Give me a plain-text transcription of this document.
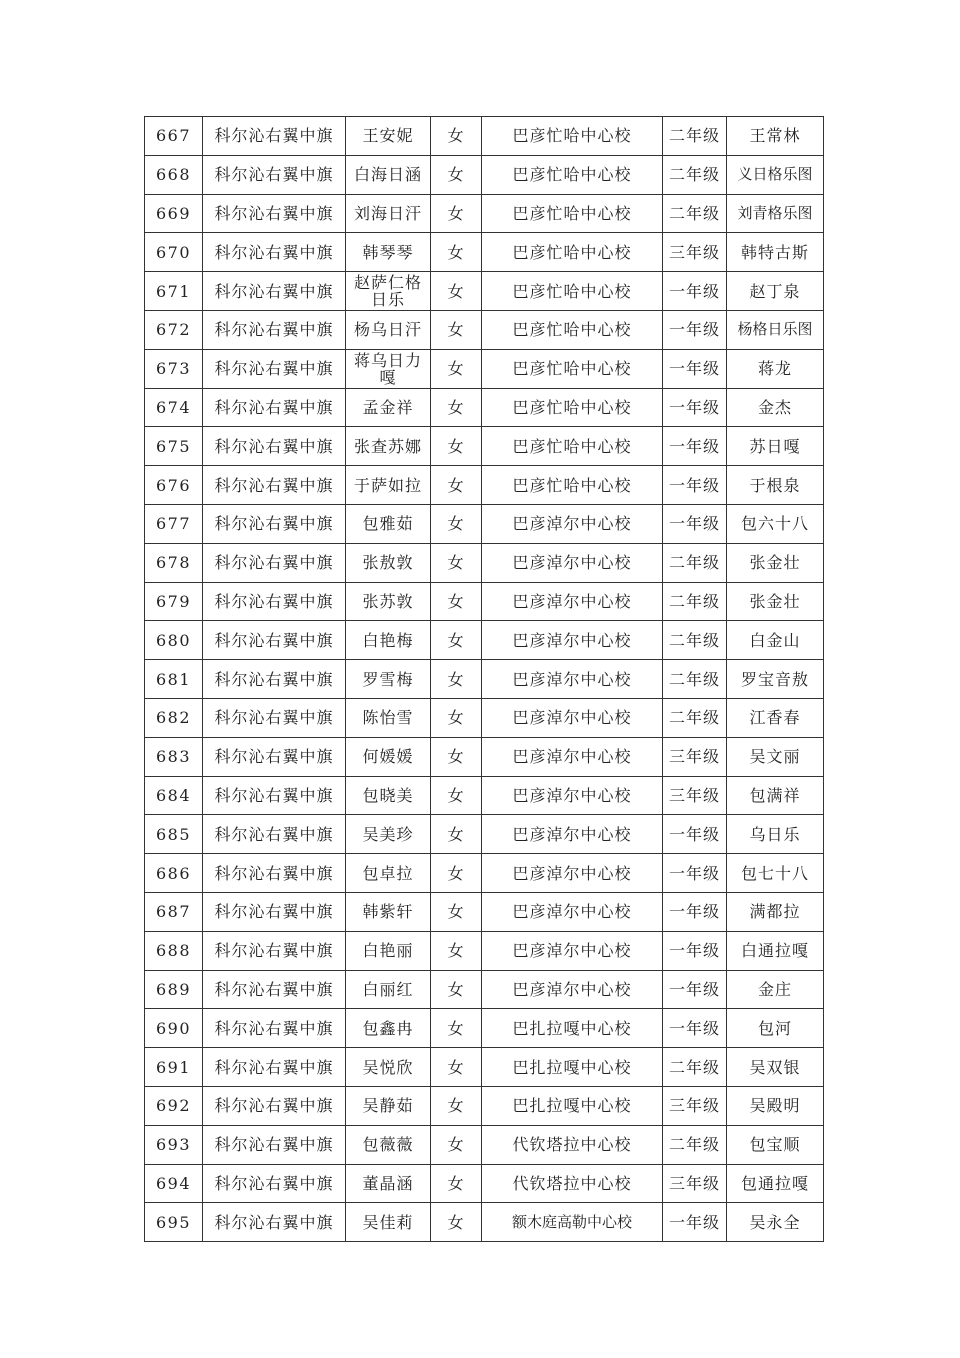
667	科尔沁右翼中旗	王安妮	女	巴彦忙哈中心校	二年级	王常林
668	科尔沁右翼中旗	白海日涵	女	巴彦忙哈中心校	二年级	义日格乐图
669	科尔沁右翼中旗	刘海日汗	女	巴彦忙哈中心校	二年级	刘青格乐图
670	科尔沁右翼中旗	韩琴琴	女	巴彦忙哈中心校	三年级	韩特古斯
671	科尔沁右翼中旗	赵萨仁格日乐	女	巴彦忙哈中心校	一年级	赵丁泉
672	科尔沁右翼中旗	杨乌日汗	女	巴彦忙哈中心校	一年级	杨格日乐图
673	科尔沁右翼中旗	蒋乌日力嘎	女	巴彦忙哈中心校	一年级	蒋龙
674	科尔沁右翼中旗	孟金祥	女	巴彦忙哈中心校	一年级	金杰
675	科尔沁右翼中旗	张查苏娜	女	巴彦忙哈中心校	一年级	苏日嘎
676	科尔沁右翼中旗	于萨如拉	女	巴彦忙哈中心校	一年级	于根泉
677	科尔沁右翼中旗	包雅茹	女	巴彦淖尔中心校	一年级	包六十八
678	科尔沁右翼中旗	张敖敦	女	巴彦淖尔中心校	二年级	张金壮
679	科尔沁右翼中旗	张苏敦	女	巴彦淖尔中心校	二年级	张金壮
680	科尔沁右翼中旗	白艳梅	女	巴彦淖尔中心校	二年级	白金山
681	科尔沁右翼中旗	罗雪梅	女	巴彦淖尔中心校	二年级	罗宝音敖
682	科尔沁右翼中旗	陈怡雪	女	巴彦淖尔中心校	二年级	江香春
683	科尔沁右翼中旗	何媛媛	女	巴彦淖尔中心校	三年级	吴文丽
684	科尔沁右翼中旗	包晓美	女	巴彦淖尔中心校	三年级	包满祥
685	科尔沁右翼中旗	吴美珍	女	巴彦淖尔中心校	一年级	乌日乐
686	科尔沁右翼中旗	包卓拉	女	巴彦淖尔中心校	一年级	包七十八
687	科尔沁右翼中旗	韩紫轩	女	巴彦淖尔中心校	一年级	满都拉
688	科尔沁右翼中旗	白艳丽	女	巴彦淖尔中心校	一年级	白通拉嘎
689	科尔沁右翼中旗	白丽红	女	巴彦淖尔中心校	一年级	金庄
690	科尔沁右翼中旗	包鑫冉	女	巴扎拉嘎中心校	一年级	包河
691	科尔沁右翼中旗	吴悦欣	女	巴扎拉嘎中心校	二年级	吴双银
692	科尔沁右翼中旗	吴静茹	女	巴扎拉嘎中心校	三年级	吴殿明
693	科尔沁右翼中旗	包薇薇	女	代钦塔拉中心校	二年级	包宝顺
694	科尔沁右翼中旗	董晶涵	女	代钦塔拉中心校	三年级	包通拉嘎
695	科尔沁右翼中旗	吴佳莉	女	额木庭高勒中心校	一年级	吴永全
